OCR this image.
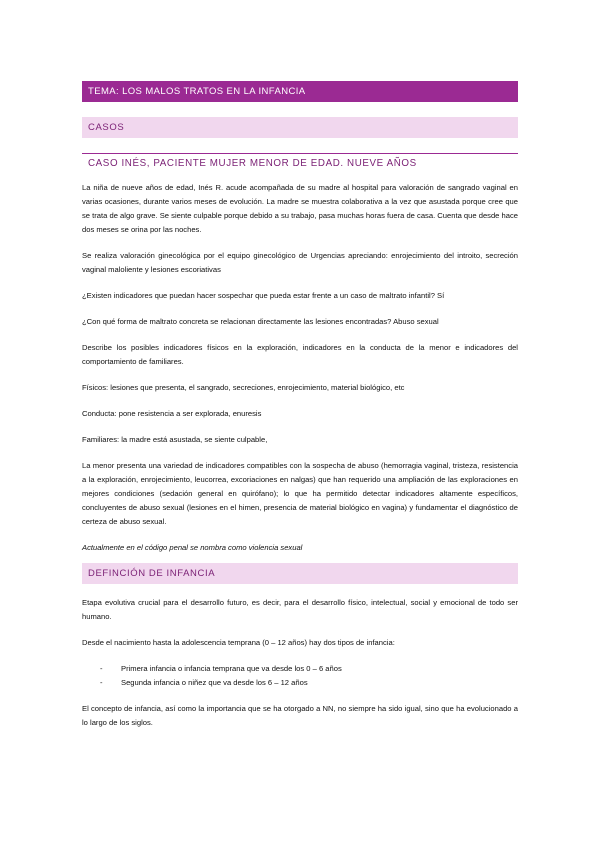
TEMA: LOS MALOS TRATOS EN LA INFANCIA
CASOS
CASO INÉS, PACIENTE MUJER MENOR DE EDAD. NUEVE AÑOS

La niña de nueve años de edad, Inés R. acude acompañada de su madre al hospital para valoración de sangrado vaginal en varias ocasiones, durante varios meses de evolución. La madre se muestra colaborativa a la vez que asustada porque cree que se trata de algo grave. Se siente culpable porque debido a su trabajo, pasa muchas horas fuera de casa. Cuenta que desde hace dos meses se orina por las noches.

Se realiza valoración ginecológica por el equipo ginecológico de Urgencias apreciando: enrojecimiento del introito, secreción vaginal maloliente y lesiones escoriativas

¿Existen indicadores que puedan hacer sospechar que pueda estar frente a un caso de maltrato infantil? Sí

¿Con qué forma de maltrato concreta se relacionan directamente las lesiones encontradas? Abuso sexual

Describe los posibles indicadores físicos en la exploración, indicadores en la conducta de la menor e indicadores del comportamiento de familiares.

Físicos: lesiones que presenta, el sangrado, secreciones, enrojecimiento, material biológico, etc

Conducta: pone resistencia a ser explorada, enuresis

Familiares: la madre está asustada, se siente culpable,

La menor presenta una variedad de indicadores compatibles con la sospecha de abuso (hemorragia vaginal, tristeza, resistencia a la exploración, enrojecimiento, leucorrea, excoriaciones en nalgas) que han requerido una ampliación de las exploraciones en mejores condiciones (sedación general en quirófano); lo que ha permitido detectar indicadores altamente específicos, concluyentes de abuso sexual (lesiones en el himen, presencia de material biológico en vagina) y fundamentar el diagnóstico de certeza de abuso sexual.

Actualmente en el código penal se nombra como violencia sexual

DEFINCIÓN DE INFANCIA

Etapa evolutiva crucial para el desarrollo futuro, es decir, para el desarrollo físico, intelectual, social y emocional de todo ser humano.

Desde el nacimiento hasta la adolescencia temprana (0 – 12 años) hay dos tipos de infancia:

- Primera infancia o infancia temprana que va desde los 0 – 6 años
- Segunda infancia o niñez que va desde los 6 – 12 años

El concepto de infancia, así como la importancia que se ha otorgado a NN, no siempre ha sido igual, sino que ha evolucionado a lo largo de los siglos.
